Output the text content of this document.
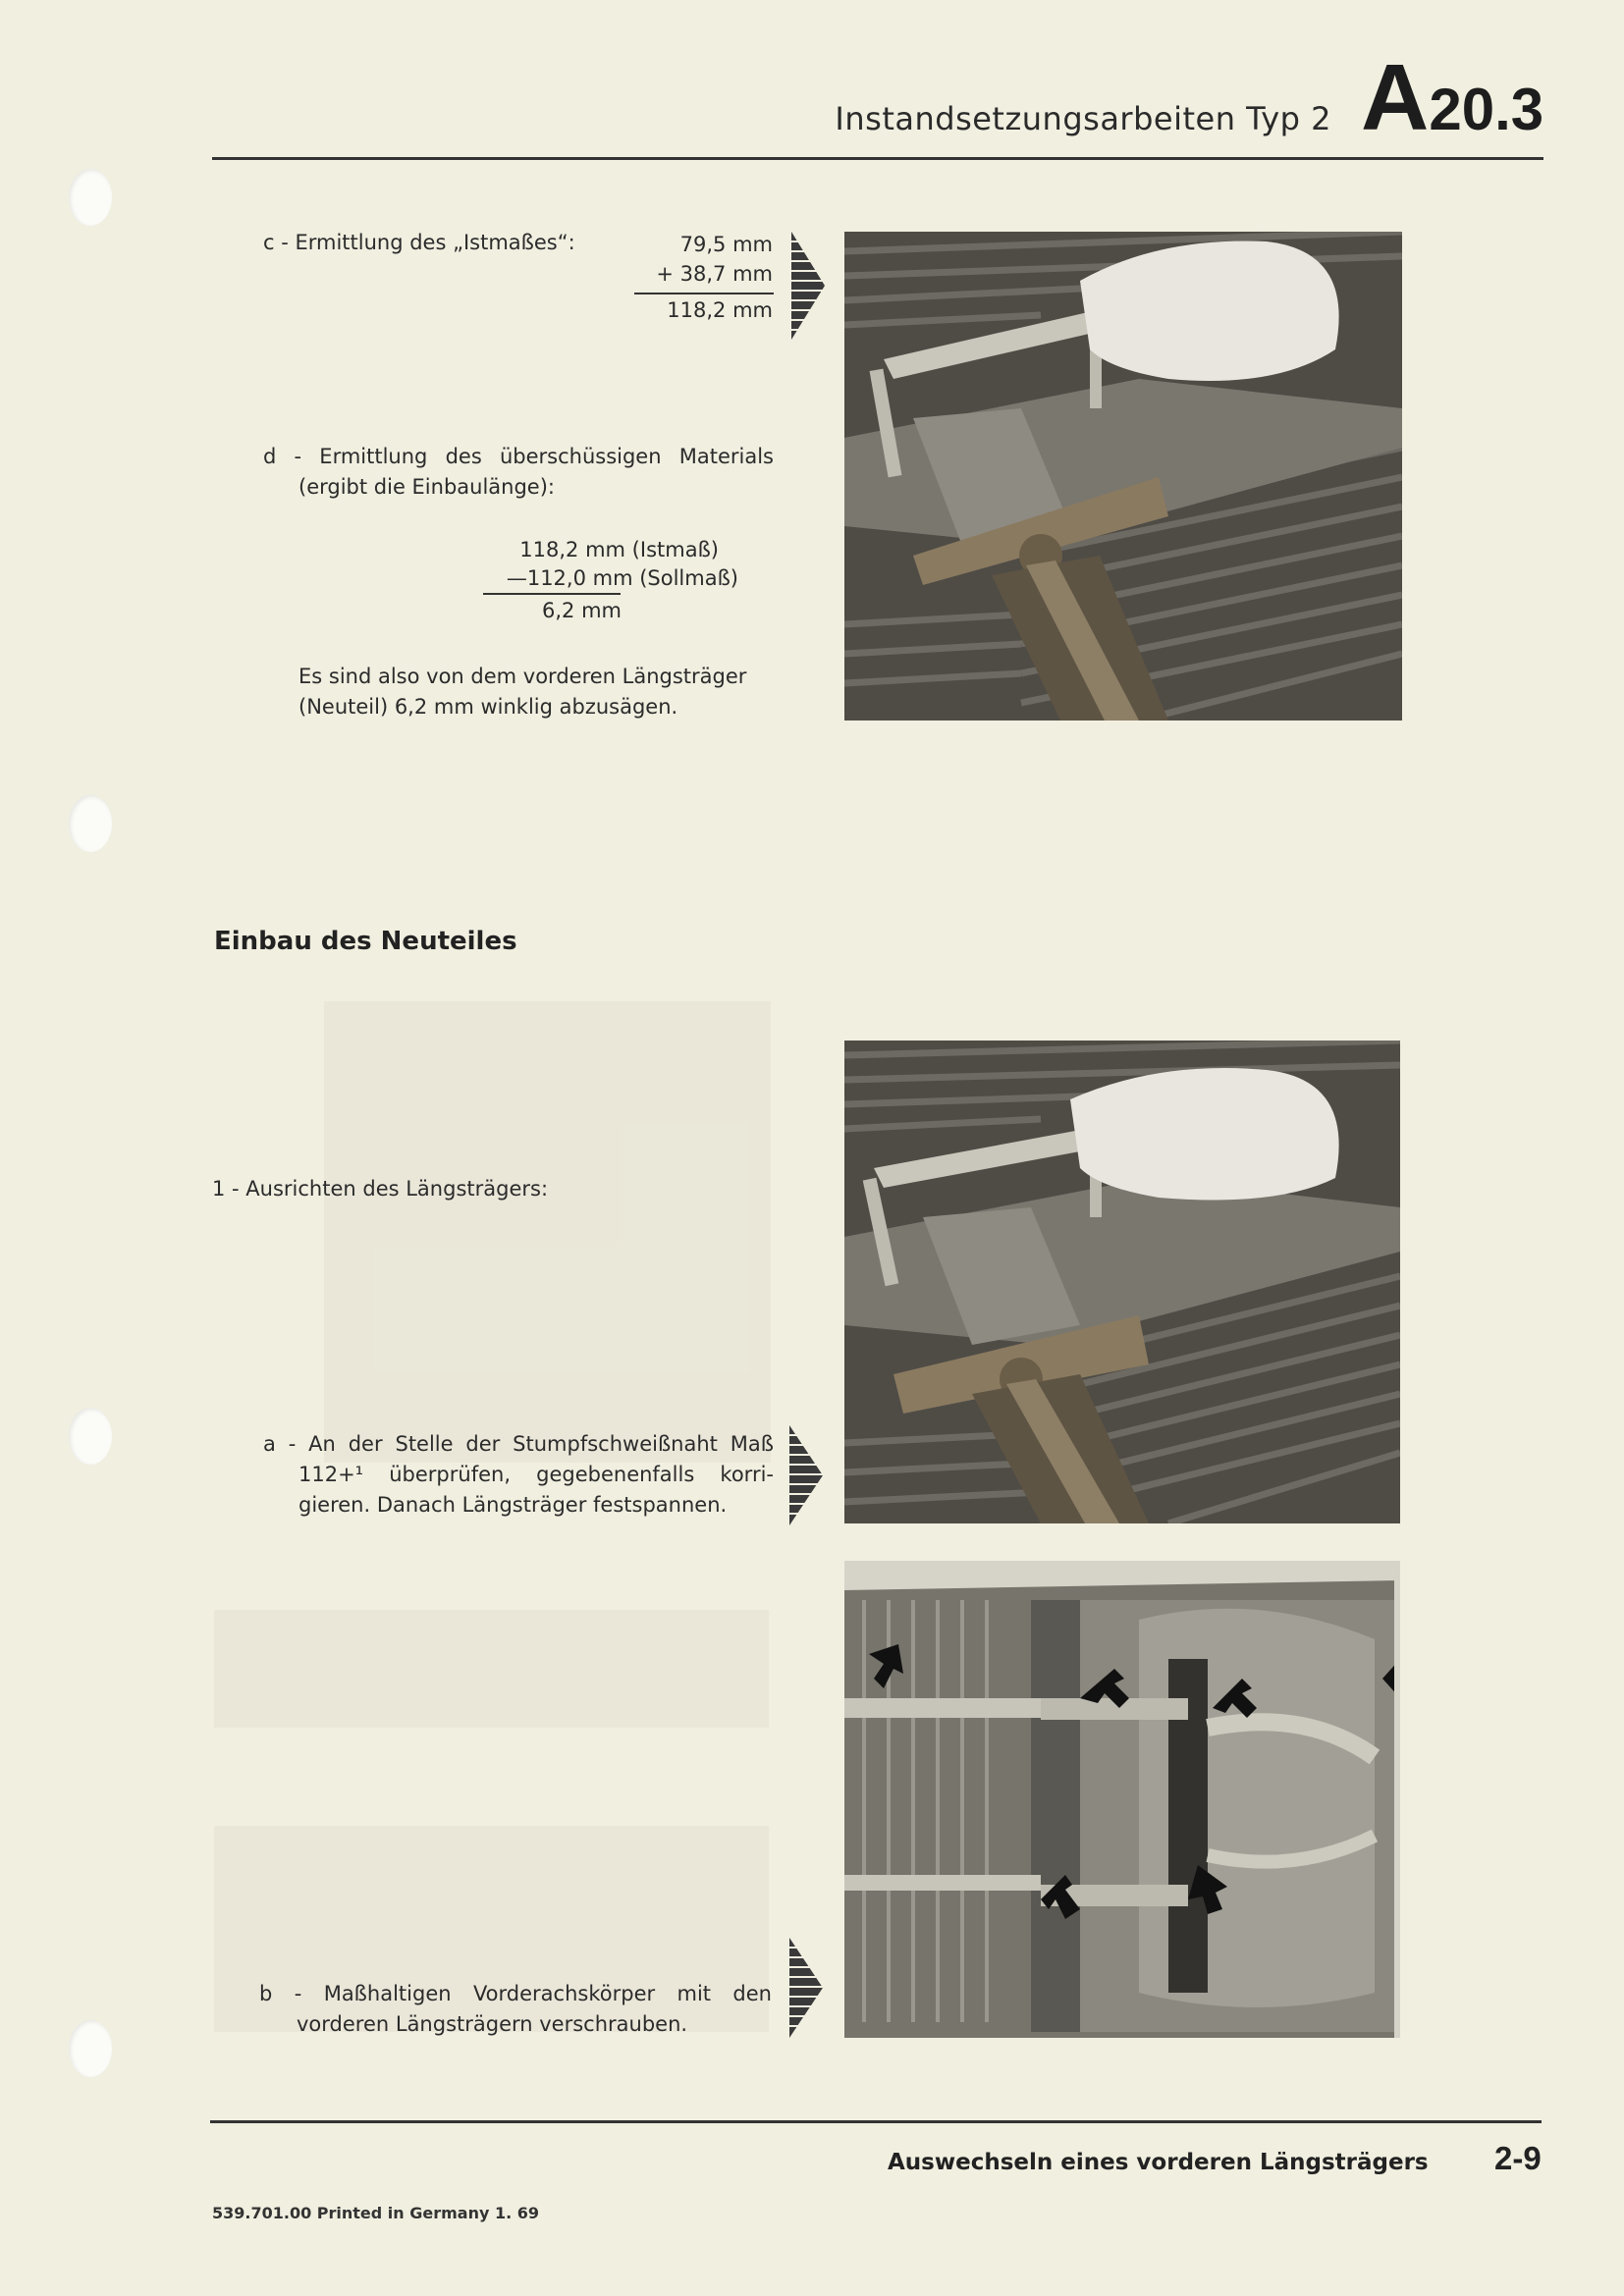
Instandsetzungsarbeiten Typ 2 A20.3
c - Ermittlung des „Istmaßes“:	79,5 mm
+ 38,7 mm
118,2 mm
d - Ermittlung des überschüssigen Materials
(ergibt die Einbaulänge):
118,2 mm (Istmaß)
—112,0 mm (Sollmaß)
6,2 mm
Es sind also von dem vorderen Längsträger
(Neuteil) 6,2 mm winklig abzusägen.
Einbau des Neuteiles
1 - Ausrichten des Längsträgers:
a - An der Stelle der Stumpfschweißnaht Maß
112+¹ überprüfen, gegebenenfalls korri-
gieren. Danach Längsträger festspannen.
b - Maßhaltigen Vorderachskörper mit den
vorderen Längsträgern verschrauben.
Auswechseln eines vorderen Längsträgers 2-9
539.701.00 Printed in Germany 1. 69
